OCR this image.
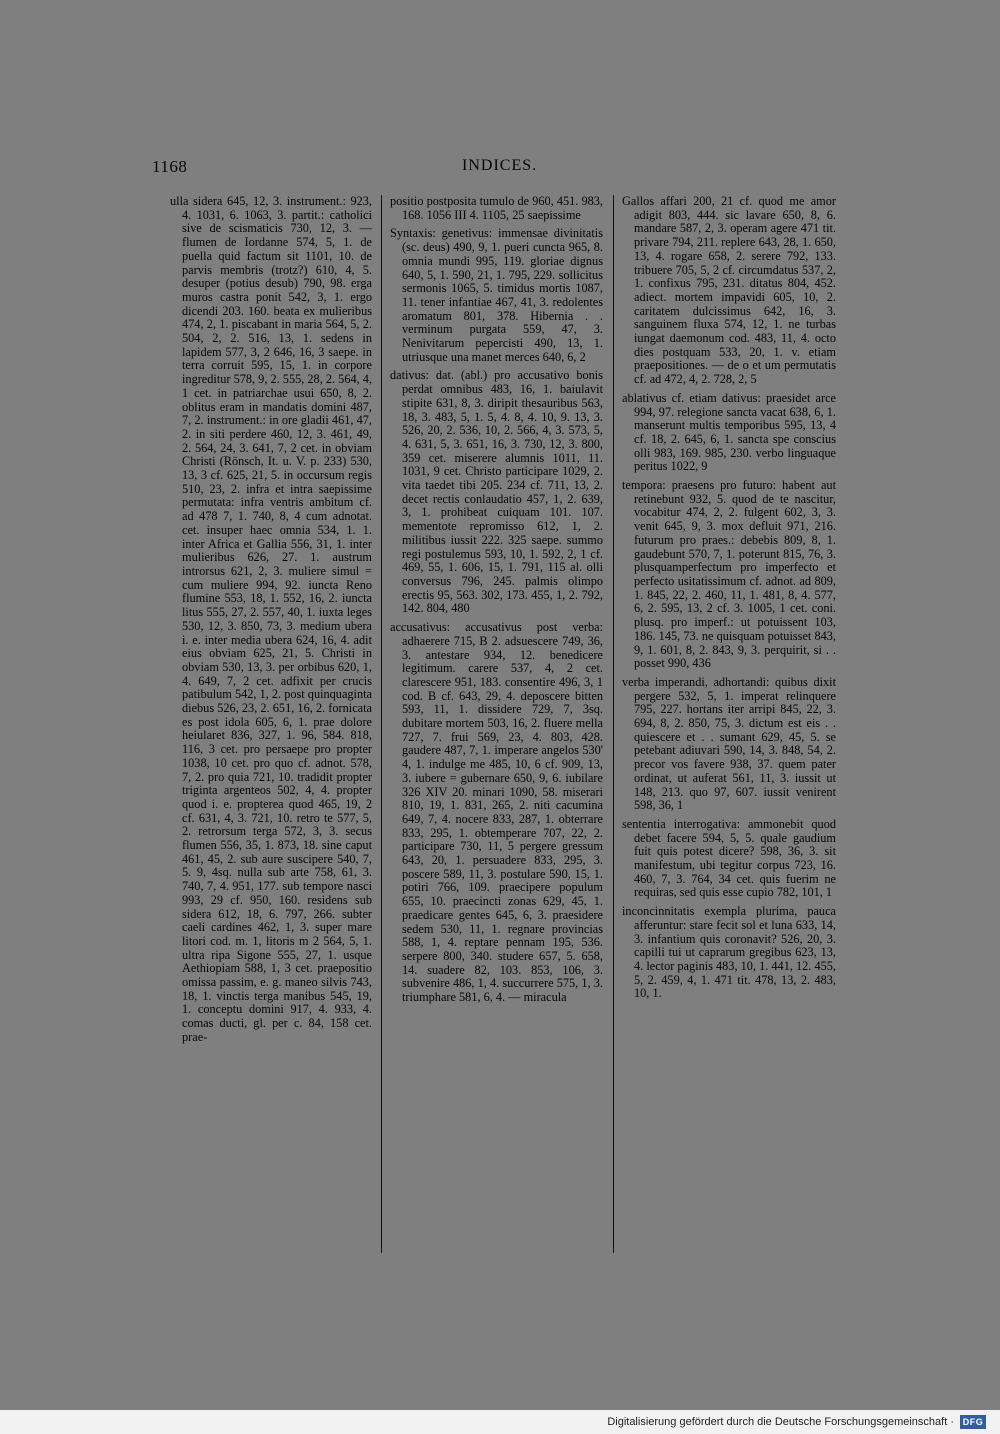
1168	INDICES.

ulla sidera 645, 12, 3. instrument.: 923, 4. 1031, 6. 1063, 3. partit.: catholici sive de scismaticis 730, 12, 3. — flumen de Iordanne 574, 5, 1. de puella quid factum sit 1101, 10. de parvis membris (trotz?) 610, 4, 5. desuper (potius desub) 790, 98. erga muros castra ponit 542, 3, 1. ergo dicendi 203. 160. beata ex mulieribus 474, 2, 1. piscabant in maria 564, 5, 2. 504, 2, 2. 516, 13, 1. sedens in lapidem 577, 3, 2 646, 16, 3 saepe. in terra corruit 595, 15, 1. in corpore ingreditur 578, 9, 2. 555, 28, 2. 564, 4, 1 cet. in patriarchae usui 650, 8, 2. oblitus eram in mandatis domini 487, 7, 2. instrument.: in ore gladii 461, 47, 2. in siti perdere 460, 12, 3. 461, 49, 2. 564, 24, 3. 641, 7, 2 cet. in obviam Christi (Rönsch, It. u. V. p. 233) 530, 13, 3 cf. 625, 21, 5. in occursum regis 510, 23, 2. infra et intra saepissime permutata: infra ventris ambitum cf. ad 478 7, 1. 740, 8, 4 cum adnotat. cet. insuper haec omnia 534, 1. 1. inter Africa et Gallia 556, 31, 1. inter mulieribus 626, 27. 1. austrum introrsus 621, 2, 3. muliere simul = cum muliere 994, 92. iuncta Reno flumine 553, 18, 1. 552, 16, 2. iuncta litus 555, 27, 2. 557, 40, 1. iuxta leges 530, 12, 3. 850, 73, 3. medium ubera i. e. inter media ubera 624, 16, 4. adit eius obviam 625, 21, 5. Christi in obviam 530, 13, 3. per orbibus 620, 1, 4. 649, 7, 2 cet. adfixit per crucis patibulum 542, 1, 2. post quinquaginta diebus 526, 23, 2. 651, 16, 2. fornicata es post idola 605, 6, 1. prae dolore heiularet 836, 327, 1. 96, 584. 818, 116, 3 cet. pro persaepe pro propter 1038, 10 cet. pro quo cf. adnot. 578, 7, 2. pro quia 721, 10. tradidit propter triginta argenteos 502, 4, 4. propter quod i. e. propterea quod 465, 19, 2 cf. 631, 4, 3. 721, 10. retro te 577, 5, 2. retrorsum terga 572, 3, 3. secus flumen 556, 35, 1. 873, 18. sine caput 461, 45, 2. sub aure suscipere 540, 7, 5. 9, 4sq. nulla sub arte 758, 61, 3. 740, 7, 4. 951, 177. sub tempore nasci 993, 29 cf. 950, 160. residens sub sidera 612, 18, 6. 797, 266. subter caeli cardines 462, 1, 3. super mare litori cod. m. 1, litoris m 2 564, 5, 1. ultra ripa Sigone 555, 27, 1. usque Aethiopiam 588, 1, 3 cet. praepositio omissa passim, e. g. maneo silvis 743, 18, 1. vinctis terga manibus 545, 19, 1. conceptu domini 917, 4. 933, 4. comas ducti, gl. per c. 84, 158 cet. prae-

positio postposita tumulo de 960, 451. 983, 168. 1056 III 4. 1105, 25 saepissime

Syntaxis: genetivus: immensae divinitatis (sc. deus) 490, 9, 1. pueri cuncta 965, 8. omnia mundi 995, 119. gloriae dignus 640, 5, 1. 590, 21, 1. 795, 229. sollicitus sermonis 1065, 5. timidus mortis 1087, 11. tener infantiae 467, 41, 3. redolentes aromatum 801, 378. Hibernia . . verminum purgata 559, 47, 3. Nenivitarum pepercisti 490, 13, 1. utriusque una manet merces 640, 6, 2

dativus: dat. (abl.) pro accusativo bonis perdat omnibus 483, 16, 1. baiulavit stipite 631, 8, 3. diripit thesauribus 563, 18, 3. 483, 5, 1. 5, 4. 8, 4. 10, 9. 13, 3. 526, 20, 2. 536, 10, 2. 566, 4, 3. 573, 5, 4. 631, 5, 3. 651, 16, 3. 730, 12, 3. 800, 359 cet. miserere alumnis 1011, 11. 1031, 9 cet. Christo participare 1029, 2. vita taedet tibi 205. 234 cf. 711, 13, 2. decet rectis conlaudatio 457, 1, 2. 639, 3, 1. prohibeat cuiquam 101. 107. mementote repromisso 612, 1, 2. militibus iussit 222. 325 saepe. summo regi postulemus 593, 10, 1. 592, 2, 1 cf. 469, 55, 1. 606, 15, 1. 791, 115 al. olli conversus 796, 245. palmis olimpo erectis 95, 563. 302, 173. 455, 1, 2. 792, 142. 804, 480

accusativus: accusativus post verba: adhaerere 715, B 2. adsuescere 749, 36, 3. antestare 934, 12. benedicere legitimum. carere 537, 4, 2 cet. clarescere 951, 183. consentire 496, 3, 1 cod. B cf. 643, 29, 4. deposcere bitten 593, 11, 1. dissidere 729, 7, 3sq. dubitare mortem 503, 16, 2. fluere mella 727, 7. frui 569, 23, 4. 803, 428. gaudere 487, 7, 1. imperare angelos 530' 4, 1. indulge me 485, 10, 6 cf. 909, 13, 3. iubere = gubernare 650, 9, 6. iubilare 326 XIV 20. minari 1090, 58. miserari 810, 19, 1. 831, 265, 2. niti cacumina 649, 7, 4. nocere 833, 287, 1. obterrare 833, 295, 1. obtemperare 707, 22, 2. participare 730, 11, 5 pergere gressum 643, 20, 1. persuadere 833, 295, 3. poscere 589, 11, 3. postulare 590, 15, 1. potiri 766, 109. praecipere populum 655, 10. praecincti zonas 629, 45, 1. praedicare gentes 645, 6, 3. praesidere sedem 530, 11, 1. regnare provincias 588, 1, 4. reptare pennam 195, 536. serpere 800, 340. studere 657, 5. 658, 14. suadere 82, 103. 853, 106, 3. subvenire 486, 1, 4. succurrere 575, 1, 3. triumphare 581, 6, 4. — miracula

Gallos affari 200, 21 cf. quod me amor adigit 803, 444. sic lavare 650, 8, 6. mandare 587, 2, 3. operam agere 471 tit. privare 794, 211. replere 643, 28, 1. 650, 13, 4. rogare 658, 2. serere 792, 133. tribuere 705, 5, 2 cf. circumdatus 537, 2, 1. confixus 795, 231. ditatus 804, 452. adiect. mortem impavidi 605, 10, 2. caritatem dulcissimus 642, 16, 3. sanguinem fluxa 574, 12, 1. ne turbas iungat daemonum cod. 483, 11, 4. octo dies postquam 533, 20, 1. v. etiam praepositiones. — de o et um permutatis cf. ad 472, 4, 2. 728, 2, 5

ablativus cf. etiam dativus: praesidet arce 994, 97. relegione sancta vacat 638, 6, 1. manserunt multis temporibus 595, 13, 4 cf. 18, 2. 645, 6, 1. sancta spe conscius olli 983, 169. 985, 230. verbo linguaque peritus 1022, 9

tempora: praesens pro futuro: habent aut retinebunt 932, 5. quod de te nascitur, vocabitur 474, 2, 2. fulgent 602, 3, 3. venit 645, 9, 3. mox defluit 971, 216. futurum pro praes.: debebis 809, 8, 1. gaudebunt 570, 7, 1. poterunt 815, 76, 3. plusquamperfectum pro imperfecto et perfecto usitatissimum cf. adnot. ad 809, 1. 845, 22, 2. 460, 11, 1. 481, 8, 4. 577, 6, 2. 595, 13, 2 cf. 3. 1005, 1 cet. coni. plusq. pro imperf.: ut potuissent 103, 186. 145, 73. ne quisquam potuisset 843, 9, 1. 601, 8, 2. 843, 9, 3. perquirit, si . . posset 990, 436

verba imperandi, adhortandi: quibus dixit pergere 532, 5, 1. imperat relinquere 795, 227. hortans iter arripi 845, 22, 3. 694, 8, 2. 850, 75, 3. dictum est eis . . quiescere et . . sumant 629, 45, 5. se petebant adiuvari 590, 14, 3. 848, 54, 2. precor vos favere 938, 37. quem pater ordinat, ut auferat 561, 11, 3. iussit ut 148, 213. quo 97, 607. iussit venirent 598, 36, 1

sententia interrogativa: ammonebit quod debet facere 594, 5, 5. quale gaudium fuit quis potest dicere? 598, 36, 3. sit manifestum, ubi tegitur corpus 723, 16. 460, 7, 3. 764, 34 cet. quis fuerim ne requiras, sed quis esse cupio 782, 101, 1

inconcinnitatis exempla plurima, pauca afferuntur: stare fecit sol et luna 633, 14, 3. infantium quis coronavit? 526, 20, 3. capilli tui ut caprarum gregibus 623, 13, 4. lector paginis 483, 10, 1. 441, 12. 455, 5, 2. 459, 4, 1. 471 tit. 478, 13, 2. 483, 10, 1.

Digitalisierung gefördert durch die Deutsche Forschungsgemeinschaft · DFG
